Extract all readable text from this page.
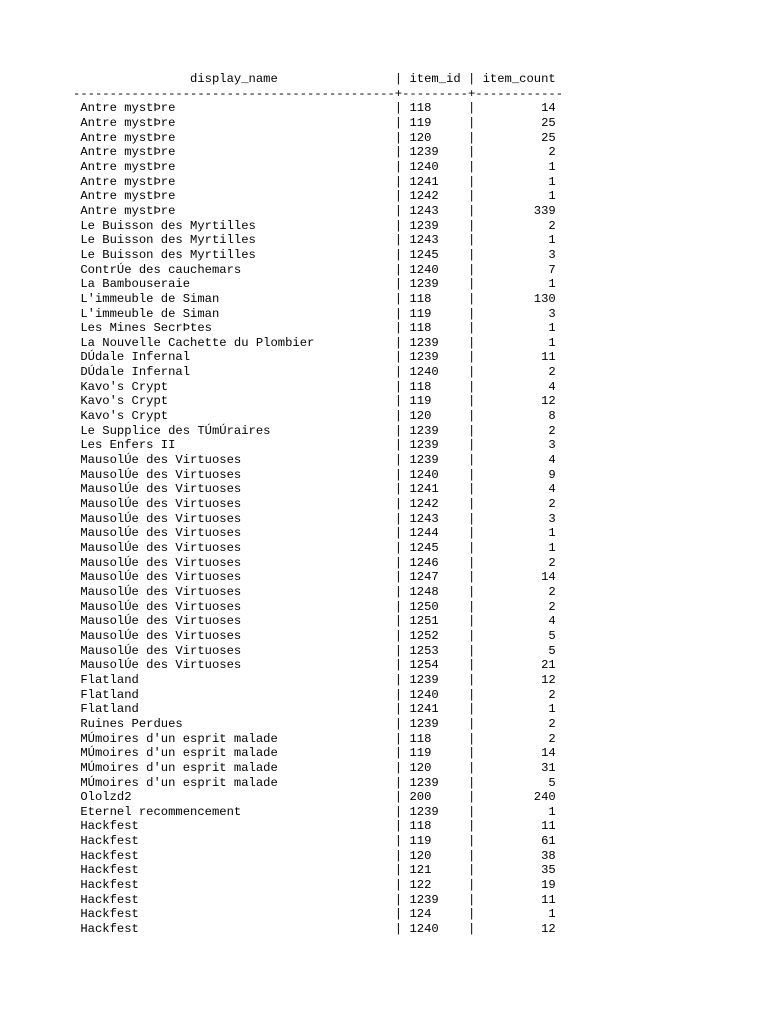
display_name                | item_id | item_count
--------------------------------------------+---------+------------
Antre mystÞre                              | 118     |         14
Antre mystÞre                              | 119     |         25
Antre mystÞre                              | 120     |         25
Antre mystÞre                              | 1239    |          2
Antre mystÞre                              | 1240    |          1
Antre mystÞre                              | 1241    |          1
Antre mystÞre                              | 1242    |          1
Antre mystÞre                              | 1243    |        339
Le Buisson des Myrtilles                   | 1239    |          2
Le Buisson des Myrtilles                   | 1243    |          1
Le Buisson des Myrtilles                   | 1245    |          3
ContrÚe des cauchemars                     | 1240    |          7
La Bambouseraie                            | 1239    |          1
L'immeuble de Siman                        | 118     |        130
L'immeuble de Siman                        | 119     |          3
Les Mines SecrÞtes                         | 118     |          1
La Nouvelle Cachette du Plombier           | 1239    |          1
DÚdale Infernal                            | 1239    |         11
DÚdale Infernal                            | 1240    |          2
Kavo's Crypt                               | 118     |          4
Kavo's Crypt                               | 119     |         12
Kavo's Crypt                               | 120     |          8
Le Supplice des TÚmÚraires                 | 1239    |          2
Les Enfers II                              | 1239    |          3
MausolÚe des Virtuoses                     | 1239    |          4
MausolÚe des Virtuoses                     | 1240    |          9
MausolÚe des Virtuoses                     | 1241    |          4
MausolÚe des Virtuoses                     | 1242    |          2
MausolÚe des Virtuoses                     | 1243    |          3
MausolÚe des Virtuoses                     | 1244    |          1
MausolÚe des Virtuoses                     | 1245    |          1
MausolÚe des Virtuoses                     | 1246    |          2
MausolÚe des Virtuoses                     | 1247    |         14
MausolÚe des Virtuoses                     | 1248    |          2
MausolÚe des Virtuoses                     | 1250    |          2
MausolÚe des Virtuoses                     | 1251    |          4
MausolÚe des Virtuoses                     | 1252    |          5
MausolÚe des Virtuoses                     | 1253    |          5
MausolÚe des Virtuoses                     | 1254    |         21
Flatland                                   | 1239    |         12
Flatland                                   | 1240    |          2
Flatland                                   | 1241    |          1
Ruines Perdues                             | 1239    |          2
MÚmoires d'un esprit malade                | 118     |          2
MÚmoires d'un esprit malade                | 119     |         14
MÚmoires d'un esprit malade                | 120     |         31
MÚmoires d'un esprit malade                | 1239    |          5
Ololzd2                                    | 200     |        240
Eternel recommencement                     | 1239    |          1
Hackfest                                   | 118     |         11
Hackfest                                   | 119     |         61
Hackfest                                   | 120     |         38
Hackfest                                   | 121     |         35
Hackfest                                   | 122     |         19
Hackfest                                   | 1239    |         11
Hackfest                                   | 124     |          1
Hackfest                                   | 1240    |         12
